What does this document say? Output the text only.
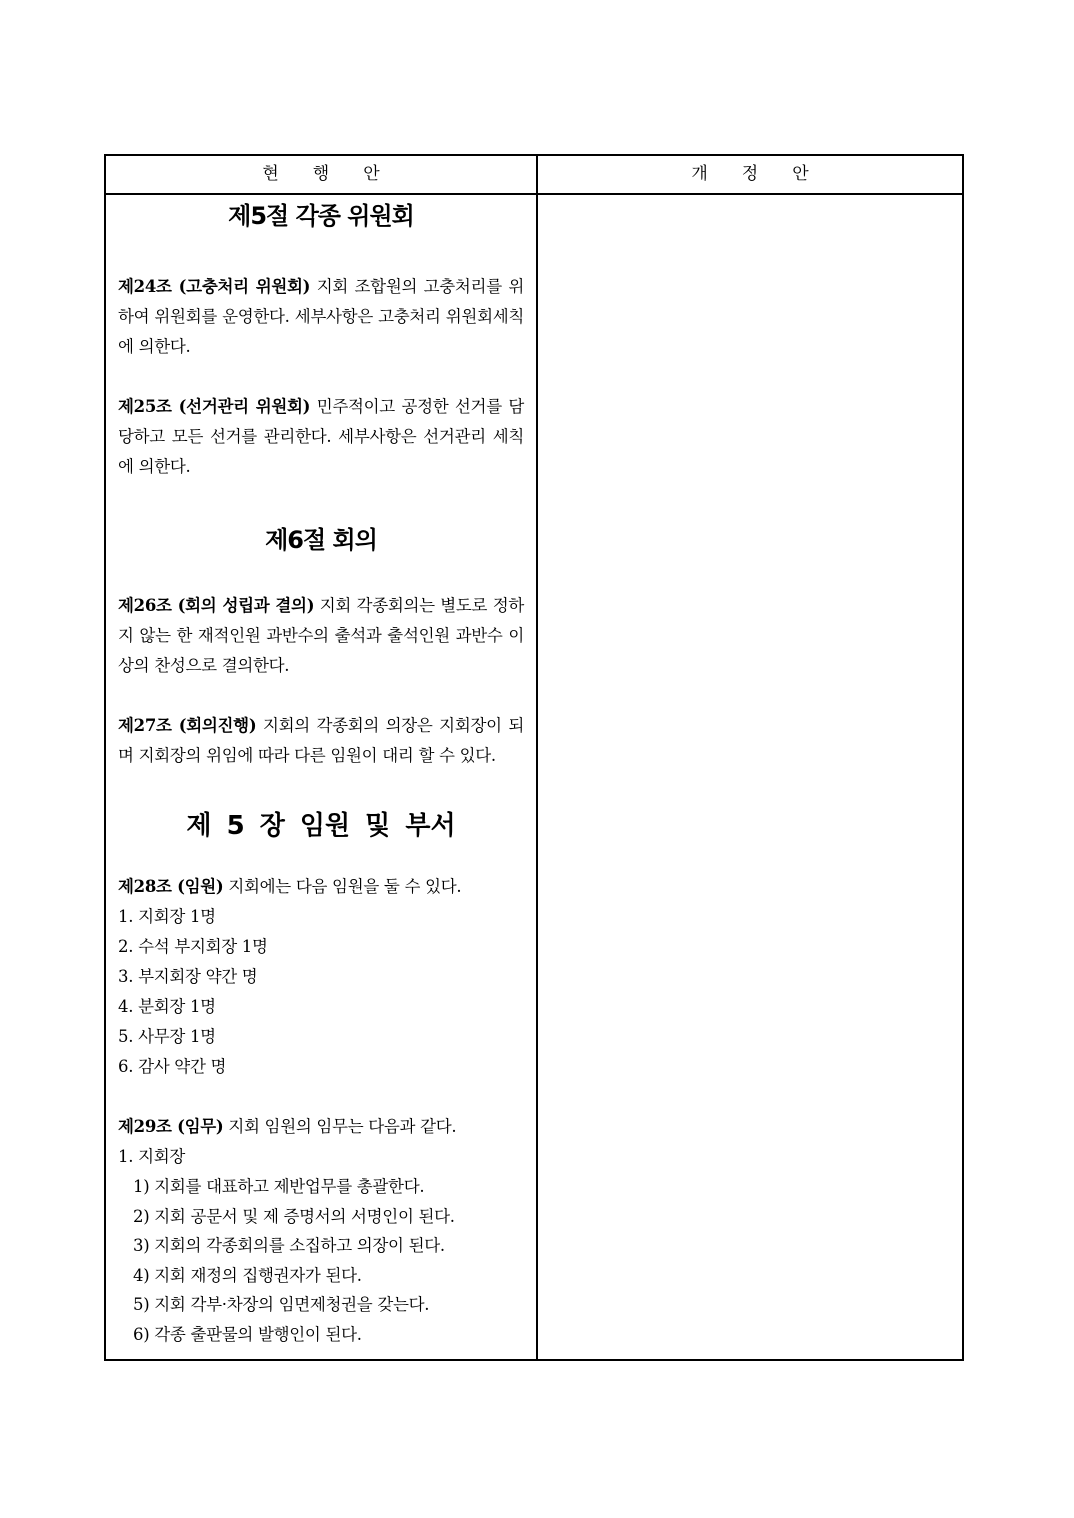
현행안	개정안

제5절 각종 위원회

제24조 (고충처리 위원회) 지회 조합원의 고충처리를 위하여 위원회를 운영한다. 세부사항은 고충처리 위원회세칙에 의한다.

제25조 (선거관리 위원회) 민주적이고 공정한 선거를 담당하고 모든 선거를 관리한다. 세부사항은 선거관리 세칙에 의한다.

제6절 회의

제26조 (회의 성립과 결의) 지회 각종회의는 별도로 정하지 않는 한 재적인원 과반수의 출석과 출석인원 과반수 이상의 찬성으로 결의한다.

제27조 (회의진행) 지회의 각종회의 의장은 지회장이 되며 지회장의 위임에 따라 다른 임원이 대리 할 수 있다.

제 5 장 임원 및 부서

제28조 (임원) 지회에는 다음 임원을 둘 수 있다.

1. 지회장 1명

2. 수석 부지회장 1명

3. 부지회장 약간 명

4. 분회장 1명

5. 사무장 1명

6. 감사 약간 명

제29조 (임무) 지회 임원의 임무는 다음과 같다.

1. 지회장

1) 지회를 대표하고 제반업무를 총괄한다.

2) 지회 공문서 및 제 증명서의 서명인이 된다.

3) 지회의 각종회의를 소집하고 의장이 된다.

4) 지회 재정의 집행권자가 된다.

5) 지회 각부·차장의 임면제청권을 갖는다.

6) 각종 출판물의 발행인이 된다.
